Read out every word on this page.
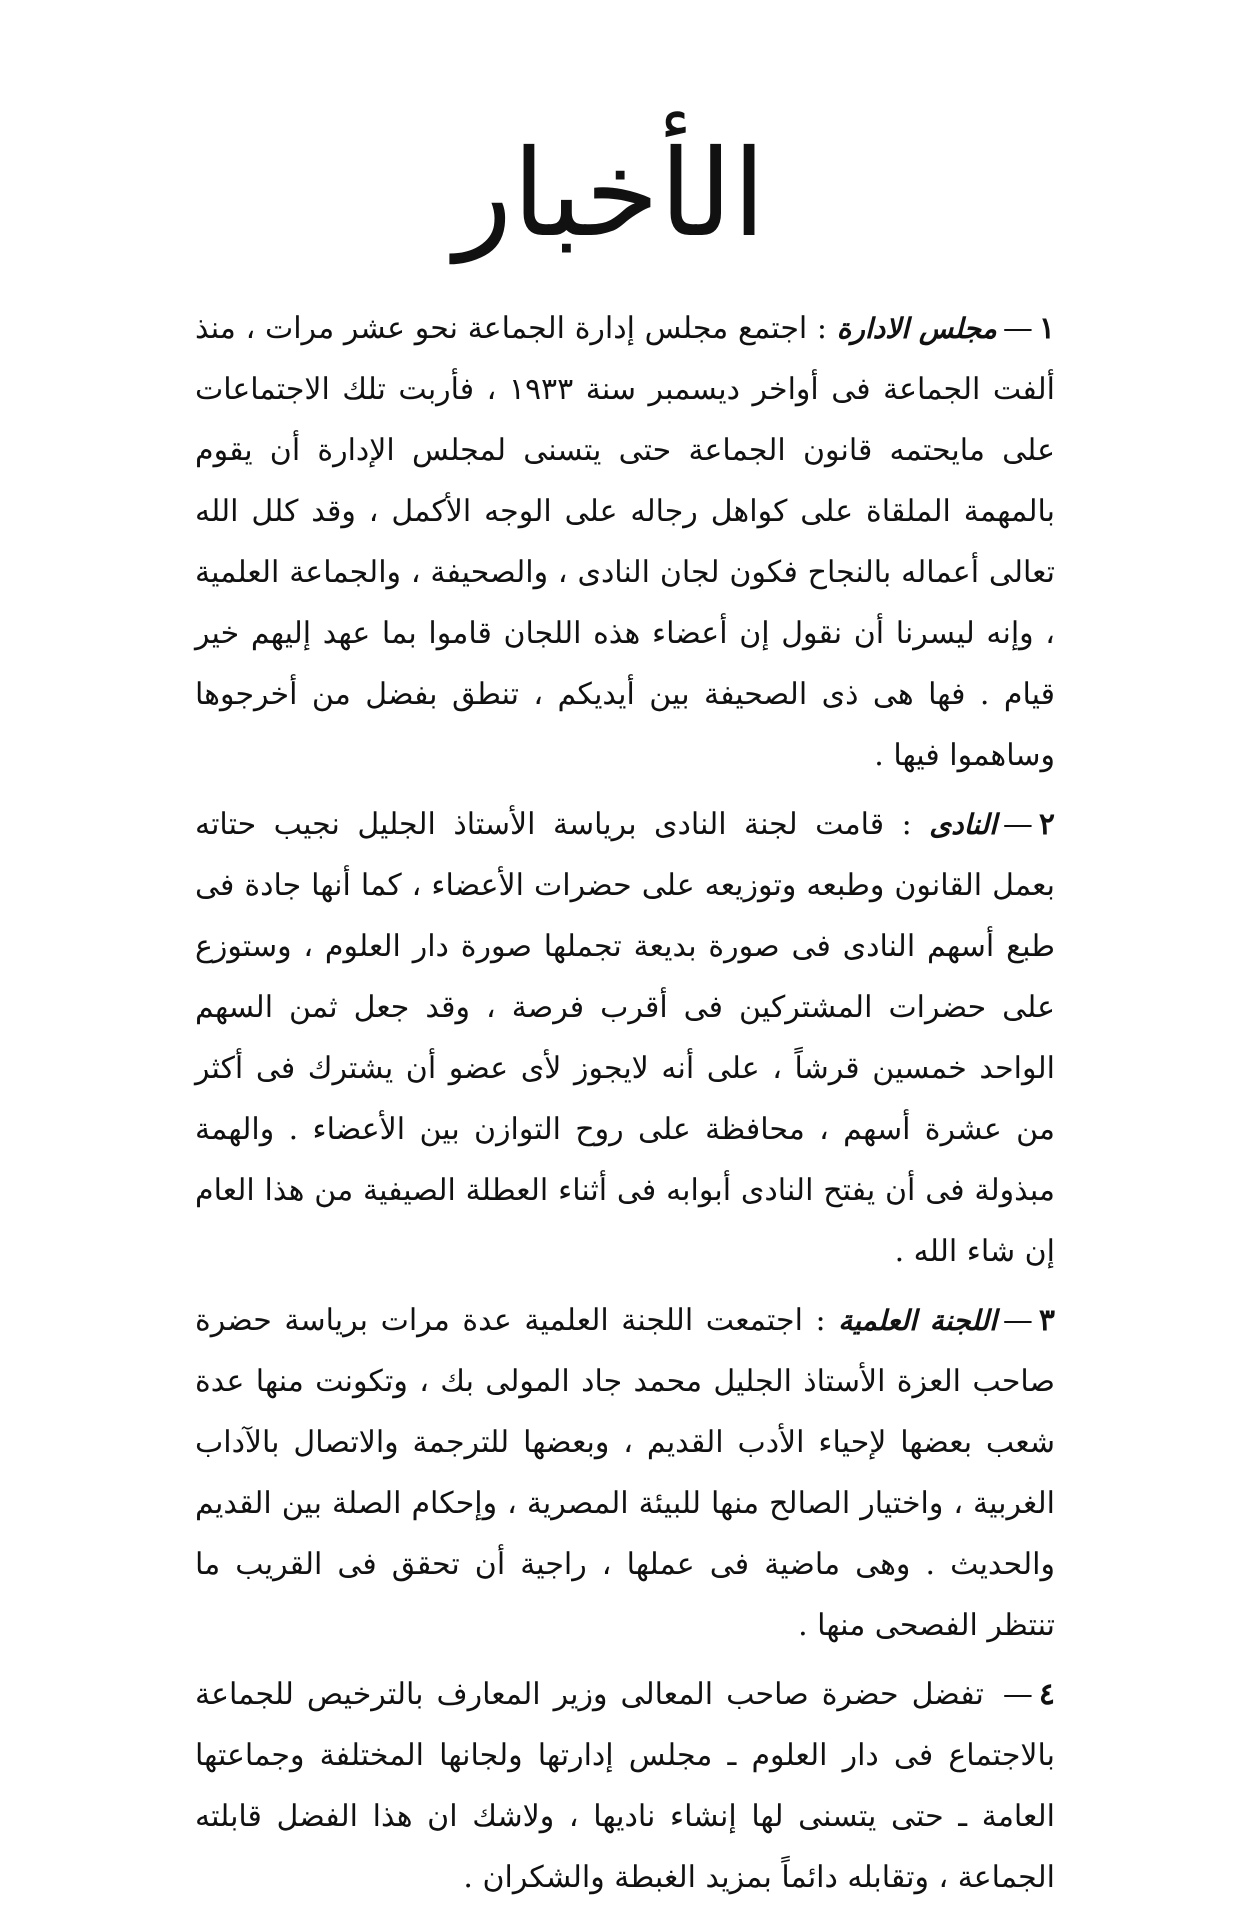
الأخبار

١—مجلس الادارة : اجتمع مجلس إدارة الجماعة نحو عشر مرات ، منذ ألفت الجماعة فى أواخر ديسمبر سنة ١٩٣٣ ، فأربت تلك الاجتماعات على مايحتمه قانون الجماعة حتى يتسنى لمجلس الإدارة أن يقوم بالمهمة الملقاة على كواهل رجاله على الوجه الأكمل ، وقد كلل الله تعالى أعماله بالنجاح فكون لجان النادى ، والصحيفة ، والجماعة العلمية ، وإنه ليسرنا أن نقول إن أعضاء هذه اللجان قاموا بما عهد إليهم خير قيام . فها هى ذى الصحيفة بين أيديكم ، تنطق بفضل من أخرجوها وساهموا فيها .

٢—النادى : قامت لجنة النادى برياسة الأستاذ الجليل نجيب حتاته بعمل القانون وطبعه وتوزيعه على حضرات الأعضاء ، كما أنها جادة فى طبع أسهم النادى فى صورة بديعة تجملها صورة دار العلوم ، وستوزع على حضرات المشتركين فى أقرب فرصة ، وقد جعل ثمن السهم الواحد خمسين قرشاً ، على أنه لايجوز لأى عضو أن يشترك فى أكثر من عشرة أسهم ، محافظة على روح التوازن بين الأعضاء . والهمة مبذولة فى أن يفتح النادى أبوابه فى أثناء العطلة الصيفية من هذا العام إن شاء الله .

٣—اللجنة العلمية : اجتمعت اللجنة العلمية عدة مرات برياسة حضرة صاحب العزة الأستاذ الجليل محمد جاد المولى بك ، وتكونت منها عدة شعب بعضها لإحياء الأدب القديم ، وبعضها للترجمة والاتصال بالآداب الغربية ، واختيار الصالح منها للبيئة المصرية ، وإحكام الصلة بين القديم والحديث . وهى ماضية فى عملها ، راجية أن تحقق فى القريب ما تنتظر الفصحى منها .

٤— تفضل حضرة صاحب المعالى وزير المعارف بالترخيص للجماعة بالاجتماع فى دار العلوم ـ مجلس إدارتها ولجانها المختلفة وجماعتها العامة ـ حتى يتسنى لها إنشاء ناديها ، ولاشك ان هذا الفضل قابلته الجماعة ، وتقابله دائماً بمزيد الغبطة والشكران .
